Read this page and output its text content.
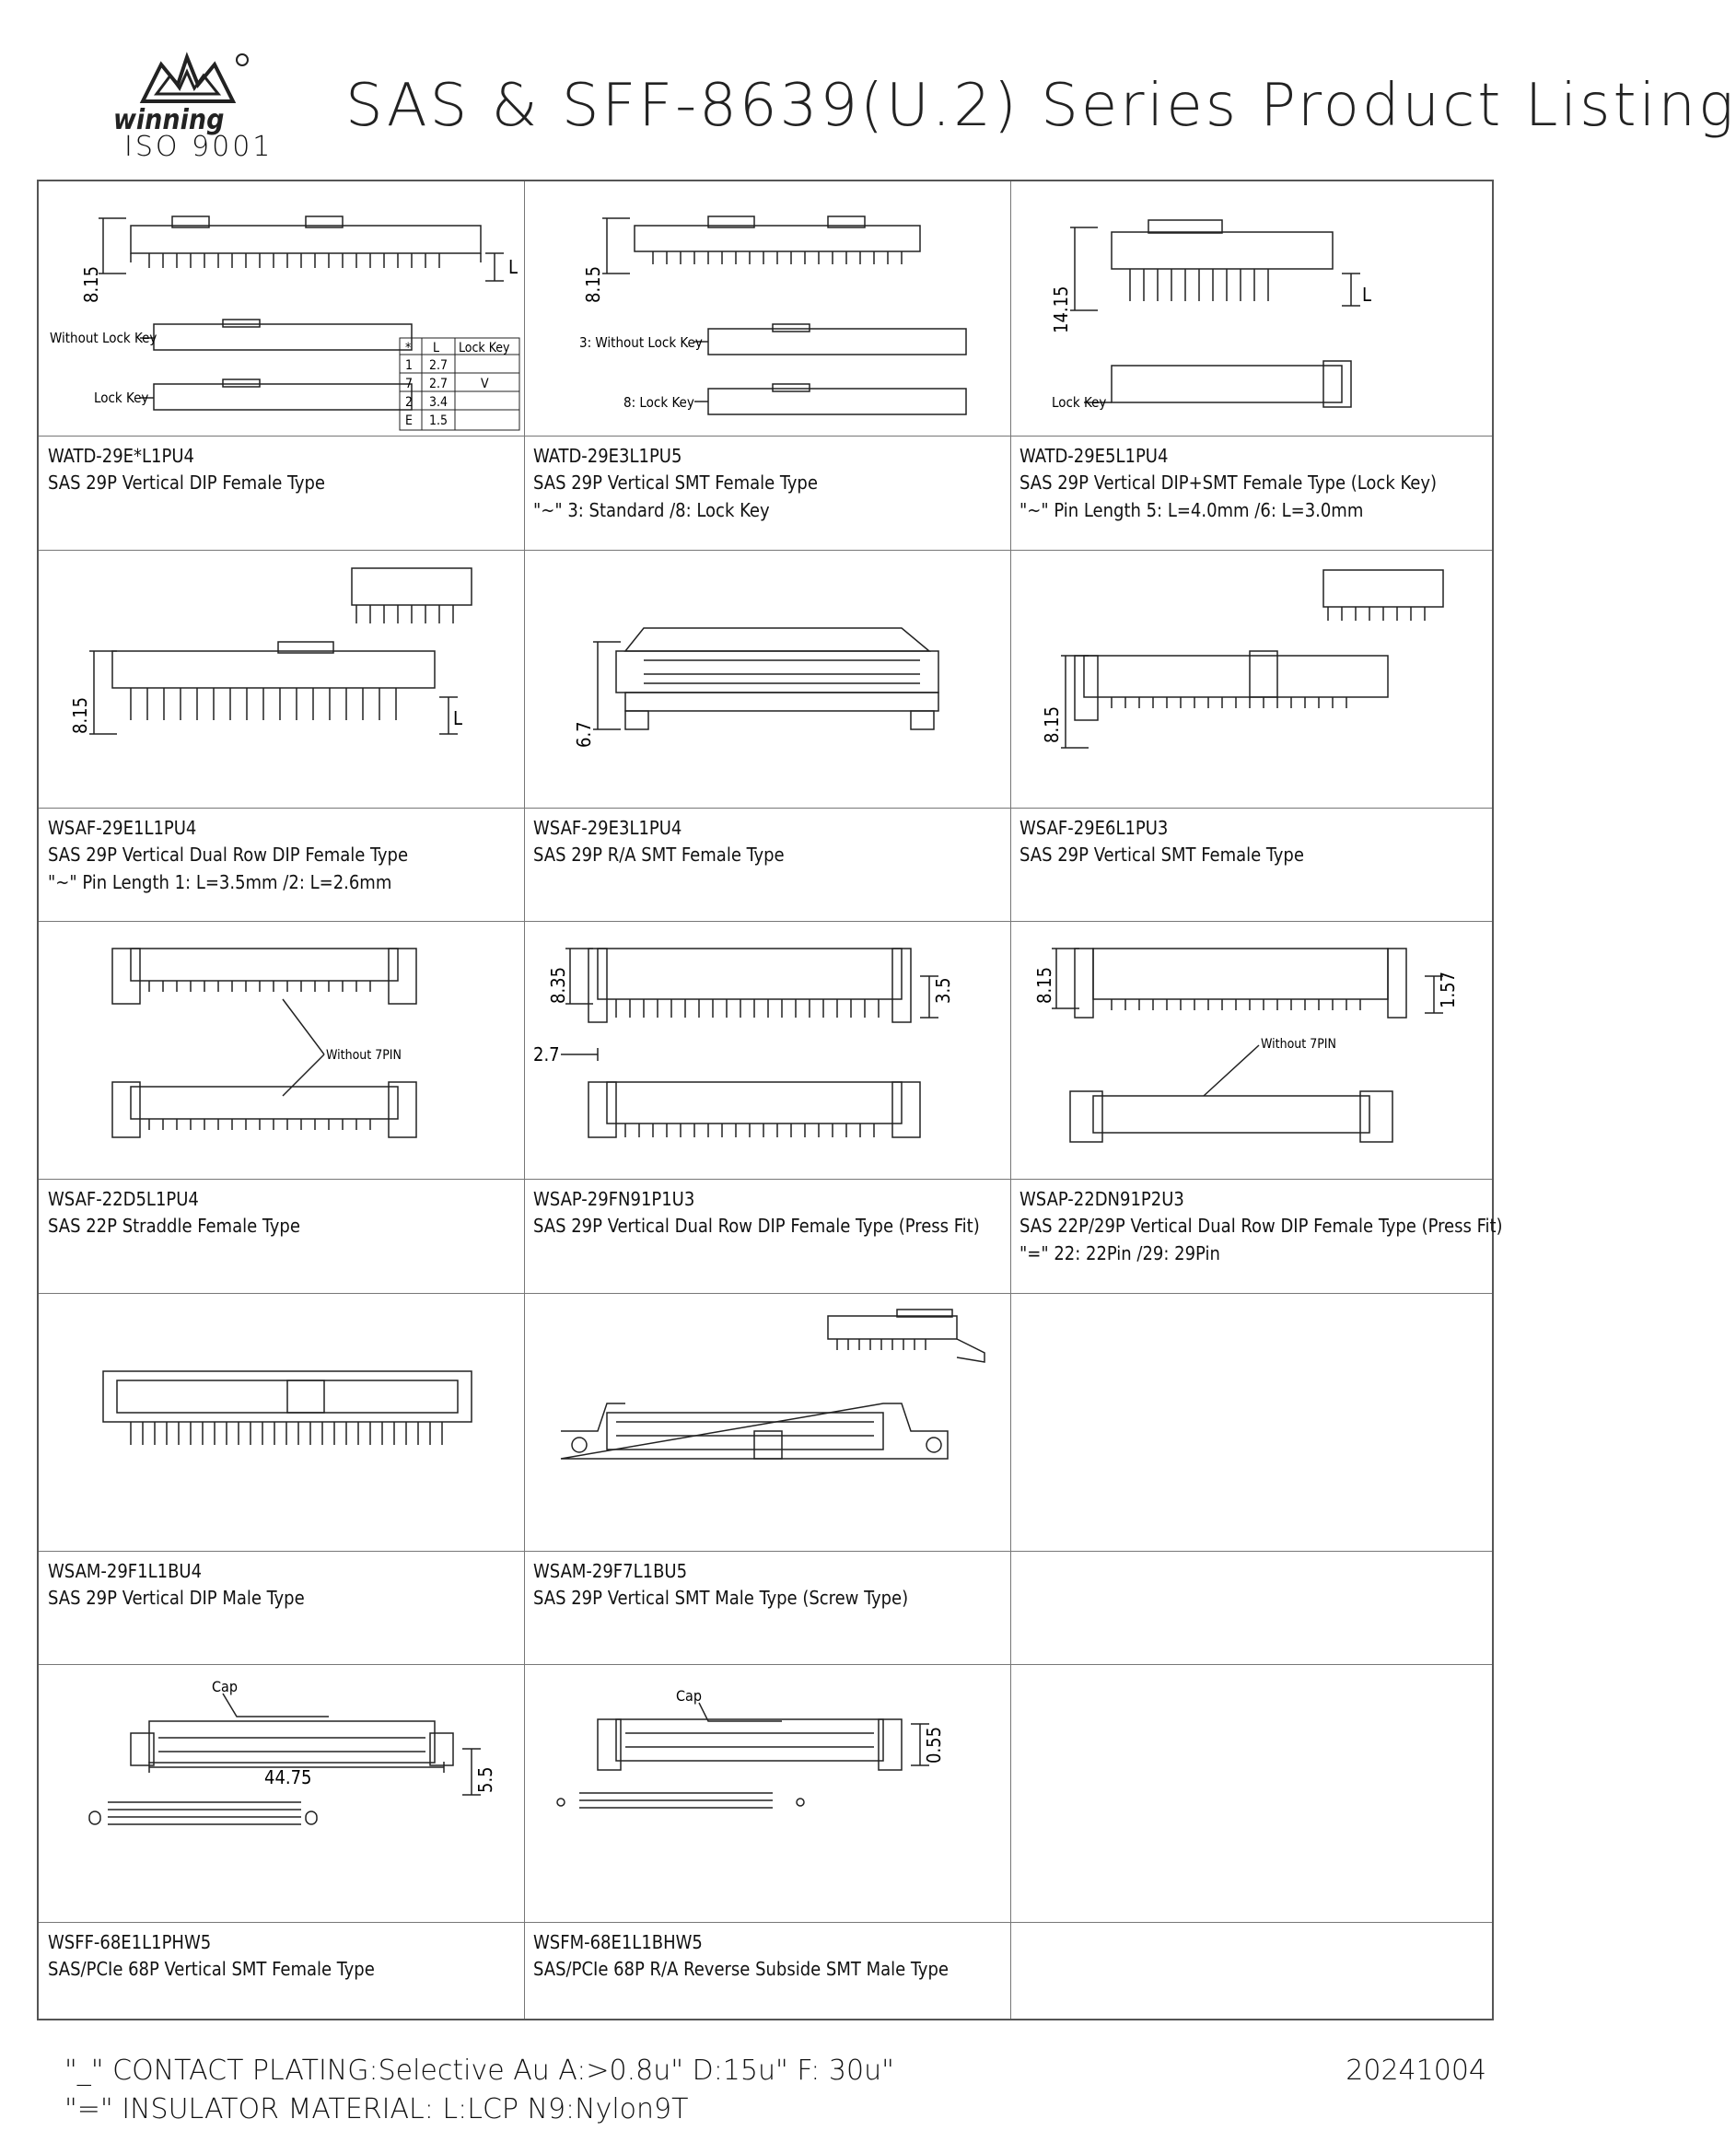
winning
ISO 9001
SAS & SFF-8639(U.2) Series Product Listing
8.15	L
Without Lock Key
Lock Key
* L Lock Key
1 2.7
7 2.7	V
2 3.4
E 1.5
WATD-29E*L1PU4
SAS 29P Vertical DIP Female Type
8.15
3: Without Lock Key
8: Lock Key
WATD-29E3L1PU5
SAS 29P Vertical SMT Female Type
"~" 3: Standard /8: Lock Key
14.15	L
Lock Key
WATD-29E5L1PU4
SAS 29P Vertical DIP+SMT Female Type (Lock Key)
"~" Pin Length 5: L=4.0mm /6: L=3.0mm
8.15	L
WSAF-29E1L1PU4
SAS 29P Vertical Dual Row DIP Female Type
"~" Pin Length 1: L=3.5mm /2: L=2.6mm
6.7
WSAF-29E3L1PU4
SAS 29P R/A SMT Female Type
8.15
WSAF-29E6L1PU3
SAS 29P Vertical SMT Female Type
Without 7PIN
WSAF-22D5L1PU4
SAS 22P Straddle Female Type
8.35	3.5
2.7
WSAP-29FN91P1U3
SAS 29P Vertical Dual Row DIP Female Type (Press Fit)
8.15	1.57
Without 7PIN
WSAP-22DN91P2U3
SAS 22P/29P Vertical Dual Row DIP Female Type (Press Fit)
"=" 22: 22Pin /29: 29Pin
WSAM-29F1L1BU4
SAS 29P Vertical DIP Male Type
WSAM-29F7L1BU5
SAS 29P Vertical SMT Male Type (Screw Type)
Cap
44.75	5.5
WSFF-68E1L1PHW5
SAS/PCIe 68P Vertical SMT Female Type
Cap
0.55
WSFM-68E1L1BHW5
SAS/PCIe 68P R/A Reverse Subside SMT Male Type
"_" CONTACT PLATING:Selective Au A:>0.8u" D:15u" F: 30u"
"=" INSULATOR MATERIAL: L:LCP N9:Nylon9T
20241004
